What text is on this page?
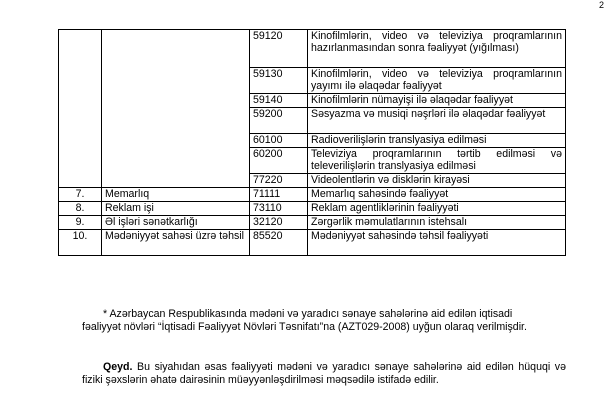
2
		59120	Kinofilmlərin, video və televiziya proqramlarının hazırlanmasından sonra fəaliyyət (yığılması)
		59130	Kinofilmlərin, video və televiziya proqramlarının yayımı ilə əlaqədar fəaliyyət
		59140	Kinofilmlərin nümayişi ilə əlaqədar fəaliyyət
		59200	Səsyazma və musiqi nəşrləri ilə əlaqədar fəaliyyət
		60100	Radioverilişlərin translyasiya edilməsi
		60200	Televiziya proqramlarının tərtib edilməsi və televerilişlərin translyasiya edilməsi
		77220	Videolentlərin və disklərin kirayəsi
7.	Memarlıq	71111	Memarlıq sahəsində fəaliyyət
8.	Reklam işi	73110	Reklam agentliklərinin fəaliyyəti
9.	Əl işləri sənətkarlığı	32120	Zərgərlik məmulatlarının istehsalı
10.	Mədəniyyət sahəsi üzrə təhsil	85520	Mədəniyyət sahəsində təhsil fəaliyyəti

* Azərbaycan Respublikasında mədəni və yaradıcı sənaye sahələrinə aid edilən iqtisadi

fəaliyyət növləri “İqtisadi Fəaliyyət Növləri Təsnifatı”na (AZT029-2008) uyğun olaraq verilmişdir.

Qeyd. Bu siyahıdan əsas fəaliyyəti mədəni və yaradıcı sənaye sahələrinə aid edilən hüquqi və fiziki şəxslərin əhatə dairəsinin müəyyənləşdirilməsi məqsədilə istifadə edilir.
